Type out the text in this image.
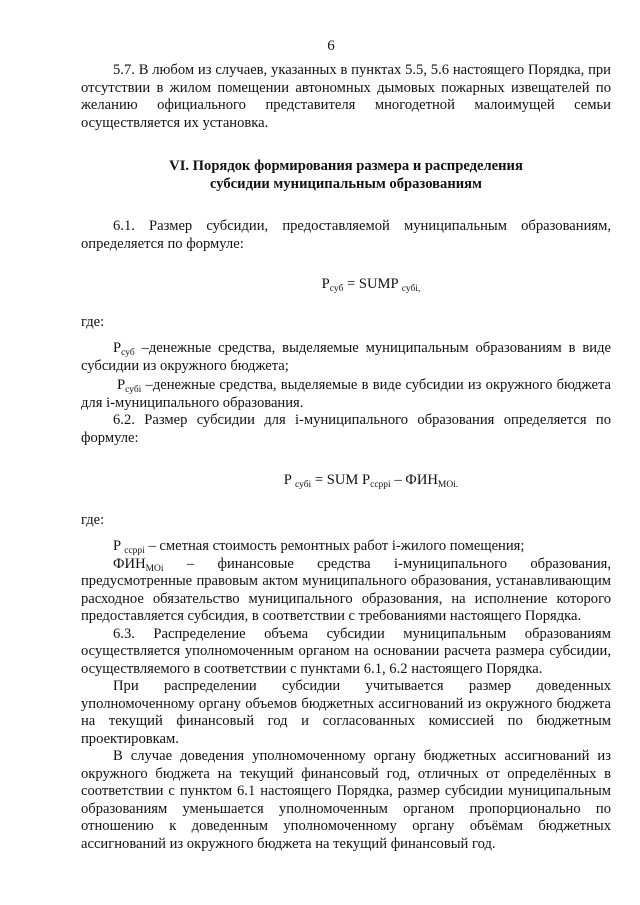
6

5.7. В любом из случаев, указанных в пунктах 5.5, 5.6 настоящего Порядка, при отсутствии в жилом помещении автономных дымовых пожарных извещателей по желанию официального представителя многодетной малоимущей семьи осуществляется их установка.

VI. Порядок формирования размера и распределения
субсидии муниципальным образованиям

6.1. Размер субсидии, предоставляемой муниципальным образованиям, определяется по формуле:

$P_{суб}$ = SUMP $_{субі,}$

где:

$P_{суб}$ –денежные средства, выделяемые муниципальным образованиям в виде субсидии из окружного бюджета;

$P_{субі}$ –денежные средства, выделяемые в виде субсидии из окружного бюджета для і-муниципального образования.

6.2. Размер субсидии для і-муниципального образования определяется по формуле:

P $_{субі}$ = SUM $P_{ссррі} - ФИН_{MOi.}$

где:

P $_{ссррі}$ – сметная стоимость ремонтных работ і-жилого помещения;

$ФИН_{MOi}$ – финансовые средства і-муниципального образования, предусмотренные правовым актом муниципального образования, устанавливающим расходное обязательство муниципального образования, на исполнение которого предоставляется субсидия, в соответствии с требованиями настоящего Порядка.

6.3. Распределение объема субсидии муниципальным образованиям осуществляется уполномоченным органом на основании расчета размера субсидии, осуществляемого в соответствии с пунктами 6.1, 6.2 настоящего Порядка.

При распределении субсидии учитывается размер доведенных уполномоченному органу объемов бюджетных ассигнований из окружного бюджета на текущий финансовый год и согласованных комиссией по бюджетным проектировкам.

В случае доведения уполномоченному органу бюджетных ассигнований из окружного бюджета на текущий финансовый год, отличных от определённых в соответствии с пунктом 6.1 настоящего Порядка, размер субсидии муниципальным образованиям уменьшается уполномоченным органом пропорционально по отношению к доведенным уполномоченному органу объёмам бюджетных ассигнований из окружного бюджета на текущий финансовый год.
